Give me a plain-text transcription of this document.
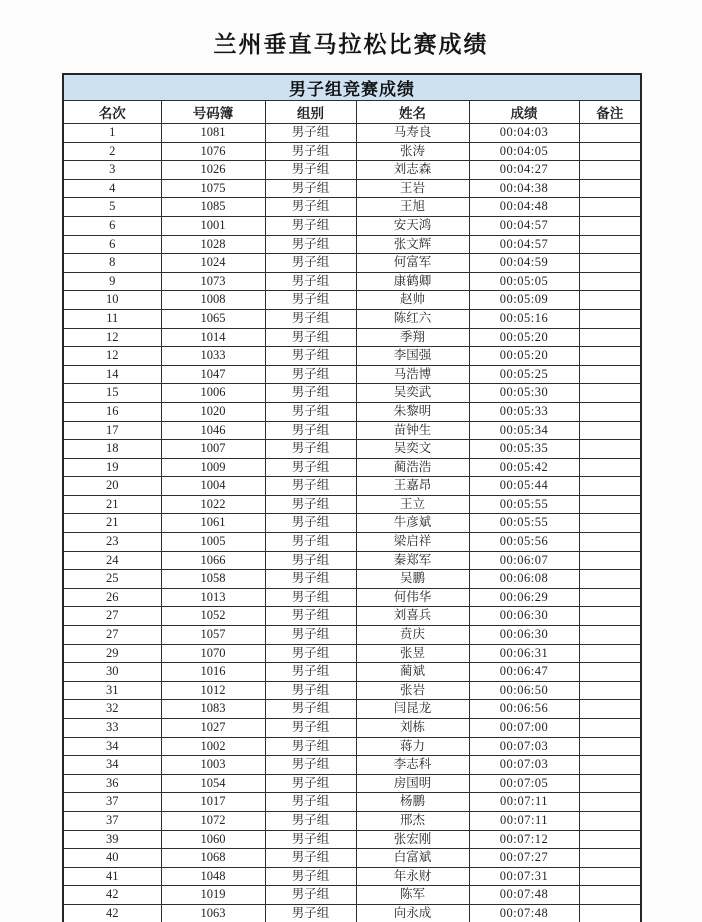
兰州垂直马拉松比赛成绩
男子组竞赛成绩					
名次	号码簿	组别	姓名	成绩	备注
1	1081	男子组	马寿良	00:04:03	
2	1076	男子组	张涛	00:04:05	
3	1026	男子组	刘志森	00:04:27	
4	1075	男子组	王岩	00:04:38	
5	1085	男子组	王旭	00:04:48	
6	1001	男子组	安天鸿	00:04:57	
6	1028	男子组	张文辉	00:04:57	
8	1024	男子组	何富军	00:04:59	
9	1073	男子组	康鹤卿	00:05:05	
10	1008	男子组	赵帅	00:05:09	
11	1065	男子组	陈红六	00:05:16	
12	1014	男子组	季翔	00:05:20	
12	1033	男子组	李国强	00:05:20	
14	1047	男子组	马浩博	00:05:25	
15	1006	男子组	吴奕武	00:05:30	
16	1020	男子组	朱黎明	00:05:33	
17	1046	男子组	苗钟生	00:05:34	
18	1007	男子组	吴奕文	00:05:35	
19	1009	男子组	蔺浩浩	00:05:42	
20	1004	男子组	王嘉昂	00:05:44	
21	1022	男子组	王立	00:05:55	
21	1061	男子组	牛彦斌	00:05:55	
23	1005	男子组	梁启祥	00:05:56	
24	1066	男子组	秦郑军	00:06:07	
25	1058	男子组	吴鹏	00:06:08	
26	1013	男子组	何伟华	00:06:29	
27	1052	男子组	刘喜兵	00:06:30	
27	1057	男子组	贲庆	00:06:30	
29	1070	男子组	张昱	00:06:31	
30	1016	男子组	蔺斌	00:06:47	
31	1012	男子组	张岩	00:06:50	
32	1083	男子组	闫昆龙	00:06:56	
33	1027	男子组	刘栋	00:07:00	
34	1002	男子组	蒋力	00:07:03	
34	1003	男子组	李志科	00:07:03	
36	1054	男子组	房国明	00:07:05	
37	1017	男子组	杨鹏	00:07:11	
37	1072	男子组	邢杰	00:07:11	
39	1060	男子组	张宏刚	00:07:12	
40	1068	男子组	白富斌	00:07:27	
41	1048	男子组	年永财	00:07:31	
42	1019	男子组	陈军	00:07:48	
42	1063	男子组	向永成	00:07:48	
